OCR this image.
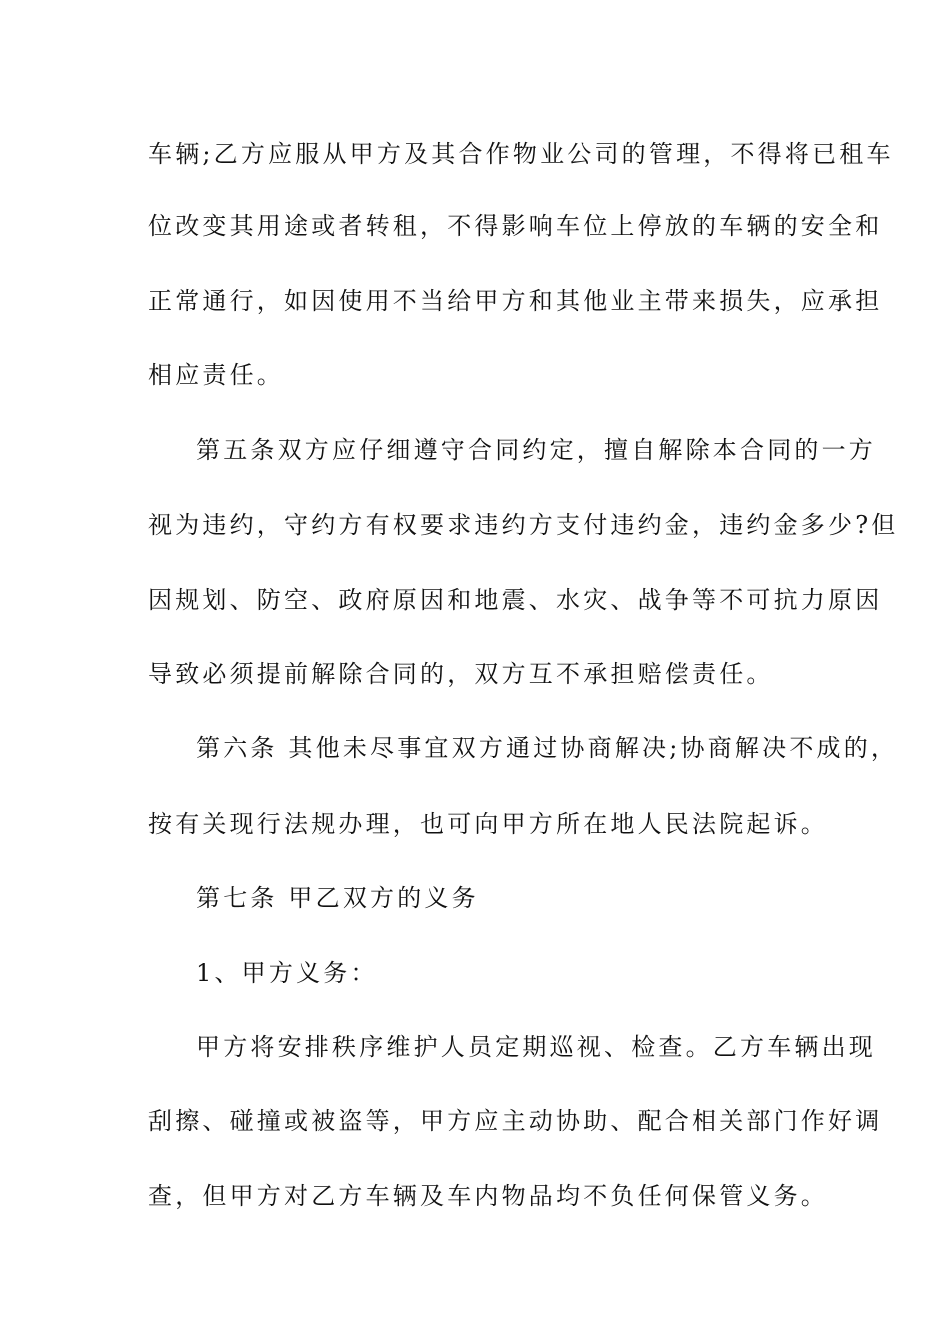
车辆;乙方应服从甲方及其合作物业公司的管理，不得将已租车
位改变其用途或者转租，不得影响车位上停放的车辆的安全和
正常通行，如因使用不当给甲方和其他业主带来损失，应承担
相应责任。
第五条双方应仔细遵守合同约定，擅自解除本合同的一方
视为违约，守约方有权要求违约方支付违约金，违约金多少?但
因规划、防空、政府原因和地震、水灾、战争等不可抗力原因
导致必须提前解除合同的，双方互不承担赔偿责任。
第六条 其他未尽事宜双方通过协商解决;协商解决不成的，
按有关现行法规办理，也可向甲方所在地人民法院起诉。
第七条 甲乙双方的义务
1、甲方义务：
甲方将安排秩序维护人员定期巡视、检查。乙方车辆出现
刮擦、碰撞或被盗等，甲方应主动协助、配合相关部门作好调
查，但甲方对乙方车辆及车内物品均不负任何保管义务。
